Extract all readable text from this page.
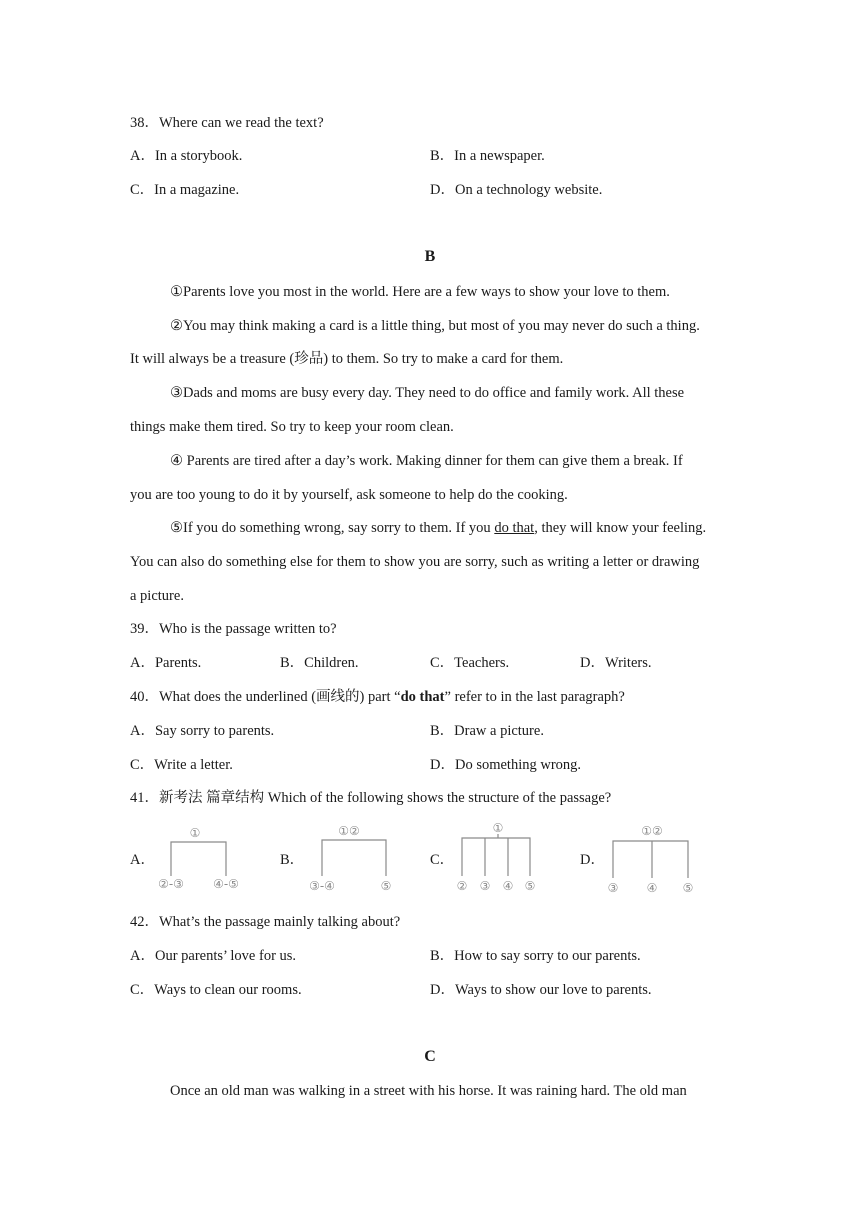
38．Where can we read the text?
A．In a storybook.	B．In a newspaper.
C．In a magazine.	D．On a technology website.
B
①Parents love you most in the world. Here are a few ways to show your love to them.
②You may think making a card is a little thing, but most of you may never do such a thing.
It will always be a treasure (珍品) to them. So try to make a card for them.
③Dads and moms are busy every day. They need to do office and family work. All these
things make them tired. So try to keep your room clean.
④ Parents are tired after a day’s work. Making dinner for them can give them a break. If
you are too young to do it by yourself, ask someone to help do the cooking.
⑤If you do something wrong, say sorry to them. If you do that, they will know your feeling.
You can also do something else for them to show you are sorry, such as writing a letter or drawing
a picture.
39．Who is the passage written to?
A．Parents.	B．Children.	C．Teachers.	D．Writers.
40．What does the underlined (画线的) part “do that” refer to in the last paragraph?
A．Say sorry to parents.	B．Draw a picture.
C．Write a letter.	D．Do something wrong.
41．新考法 篇章结构 Which of the following shows the structure of the passage?
A．	B．	C．	D．
①
②-③ ④-⑤
①②
③-④	⑤
①
② ③ ④ ⑤
①②
③ ④ ⑤
42．What’s the passage mainly talking about?
A．Our parents’ love for us.	B．How to say sorry to our parents.
C．Ways to clean our rooms.	D．Ways to show our love to parents.
C
Once an old man was walking in a street with his horse. It was raining hard. The old man
